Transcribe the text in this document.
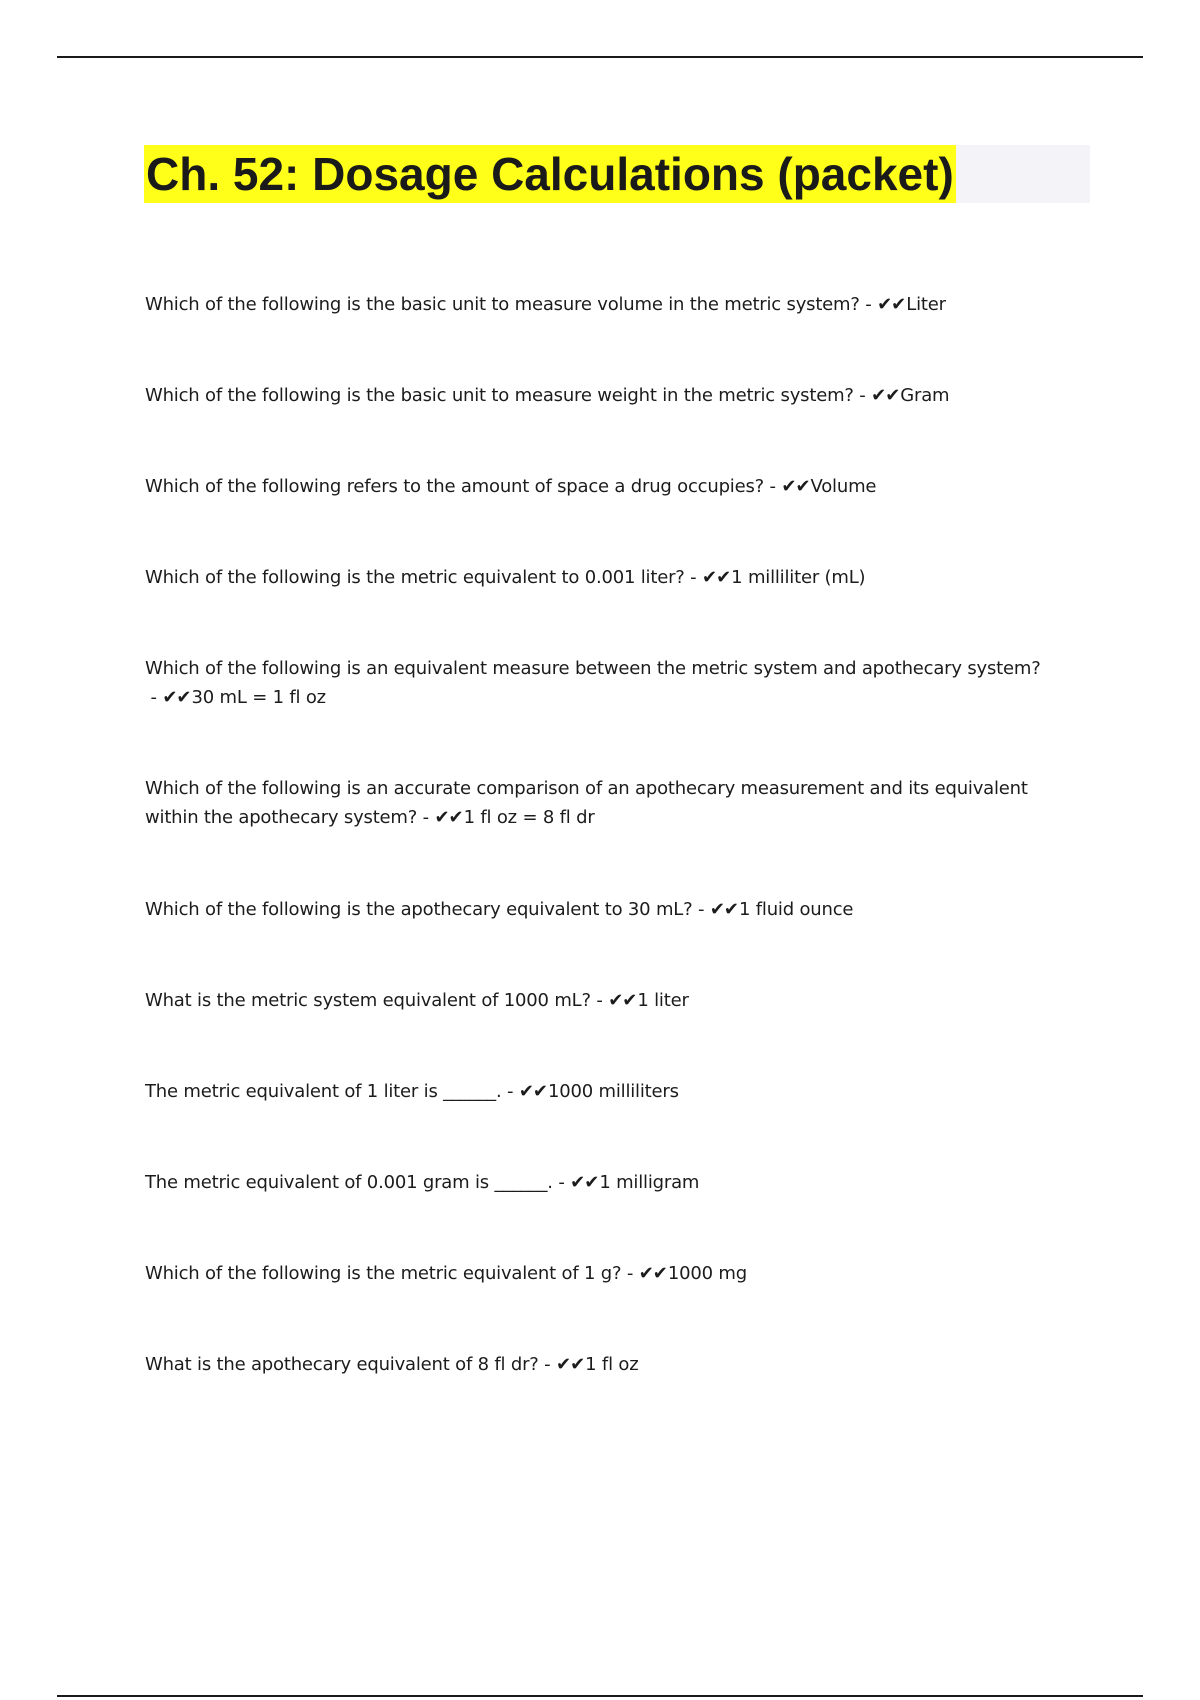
Ch. 52: Dosage Calculations (packet)
Which of the following is the basic unit to measure volume in the metric system? - ✔✔Liter
Which of the following is the basic unit to measure weight in the metric system? - ✔✔Gram
Which of the following refers to the amount of space a drug occupies? - ✔✔Volume
Which of the following is the metric equivalent to 0.001 liter? - ✔✔1 milliliter (mL)
Which of the following is an equivalent measure between the metric system and apothecary system? - ✔✔30 mL = 1 fl oz
Which of the following is an accurate comparison of an apothecary measurement and its equivalent within the apothecary system? - ✔✔1 fl oz = 8 fl dr
Which of the following is the apothecary equivalent to 30 mL? - ✔✔1 fluid ounce
What is the metric system equivalent of 1000 mL? - ✔✔1 liter
The metric equivalent of 1 liter is ______. - ✔✔1000 milliliters
The metric equivalent of 0.001 gram is ______. - ✔✔1 milligram
Which of the following is the metric equivalent of 1 g? - ✔✔1000 mg
What is the apothecary equivalent of 8 fl dr? - ✔✔1 fl oz
